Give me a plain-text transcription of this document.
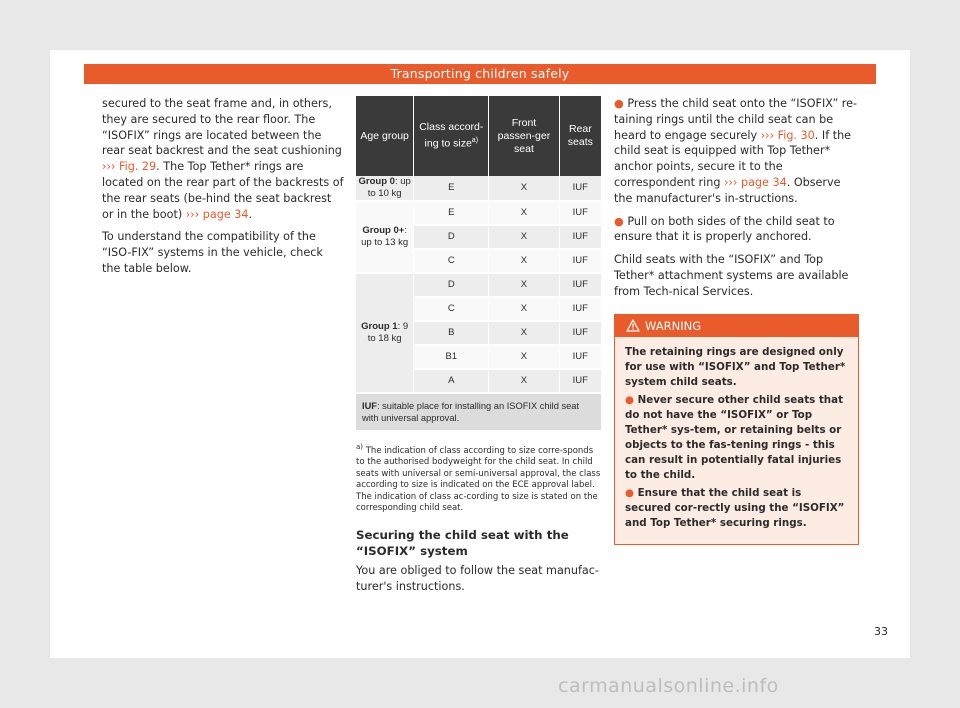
Transporting children safely

secured to the seat frame and, in others, they are secured to the rear floor. The “ISOFIX” rings are located between the rear seat backrest and the seat cushioning ››› Fig. 29. The Top Tether* rings are located on the rear part of the backrests of the rear seats (be-hind the seat backrest or in the boot) ››› page 34.

To understand the compatibility of the “ISO-FIX” systems in the vehicle, check the table below.

Age group	Class accord-ing to size$^{a)}$	Front passen-ger seat	Rear seats
Group 0: up to 10 kg	E	X	IUF
Group 0+: up to 13 kg	E	X	IUF
	D	X	IUF
	C	X	IUF
Group 1: 9 to 18 kg	D	X	IUF
	C	X	IUF
	B	X	IUF
	B1	X	IUF
	A	X	IUF
IUF: suitable place for installing an ISOFIX child seat with universal approval.			

$^{a)}$ The indication of class according to size corre-sponds to the authorised bodyweight for the child seat. In child seats with universal or semi-universal approval, the class according to size is indicated on the ECE approval label. The indication of class ac-cording to size is stated on the corresponding child seat.

Securing the child seat with the “ISOFIX” system

You are obliged to follow the seat manufac-turer's instructions.

● Press the child seat onto the “ISOFIX” re-taining rings until the child seat can be heard to engage securely ››› Fig. 30. If the child seat is equipped with Top Tether* anchor points, secure it to the correspondent ring ››› page 34. Observe the manufacturer's in-structions.

● Pull on both sides of the child seat to ensure that it is properly anchored.

Child seats with the “ISOFIX” and Top Tether* attachment systems are available from Tech-nical Services.

WARNING

The retaining rings are designed only for use with “ISOFIX” and Top Tether* system child seats.

● Never secure other child seats that do not have the “ISOFIX” or Top Tether* sys-tem, or retaining belts or objects to the fas-tening rings - this can result in potentially fatal injuries to the child.

● Ensure that the child seat is secured cor-rectly using the “ISOFIX” and Top Tether* securing rings.

33
carmanualsonline.info
